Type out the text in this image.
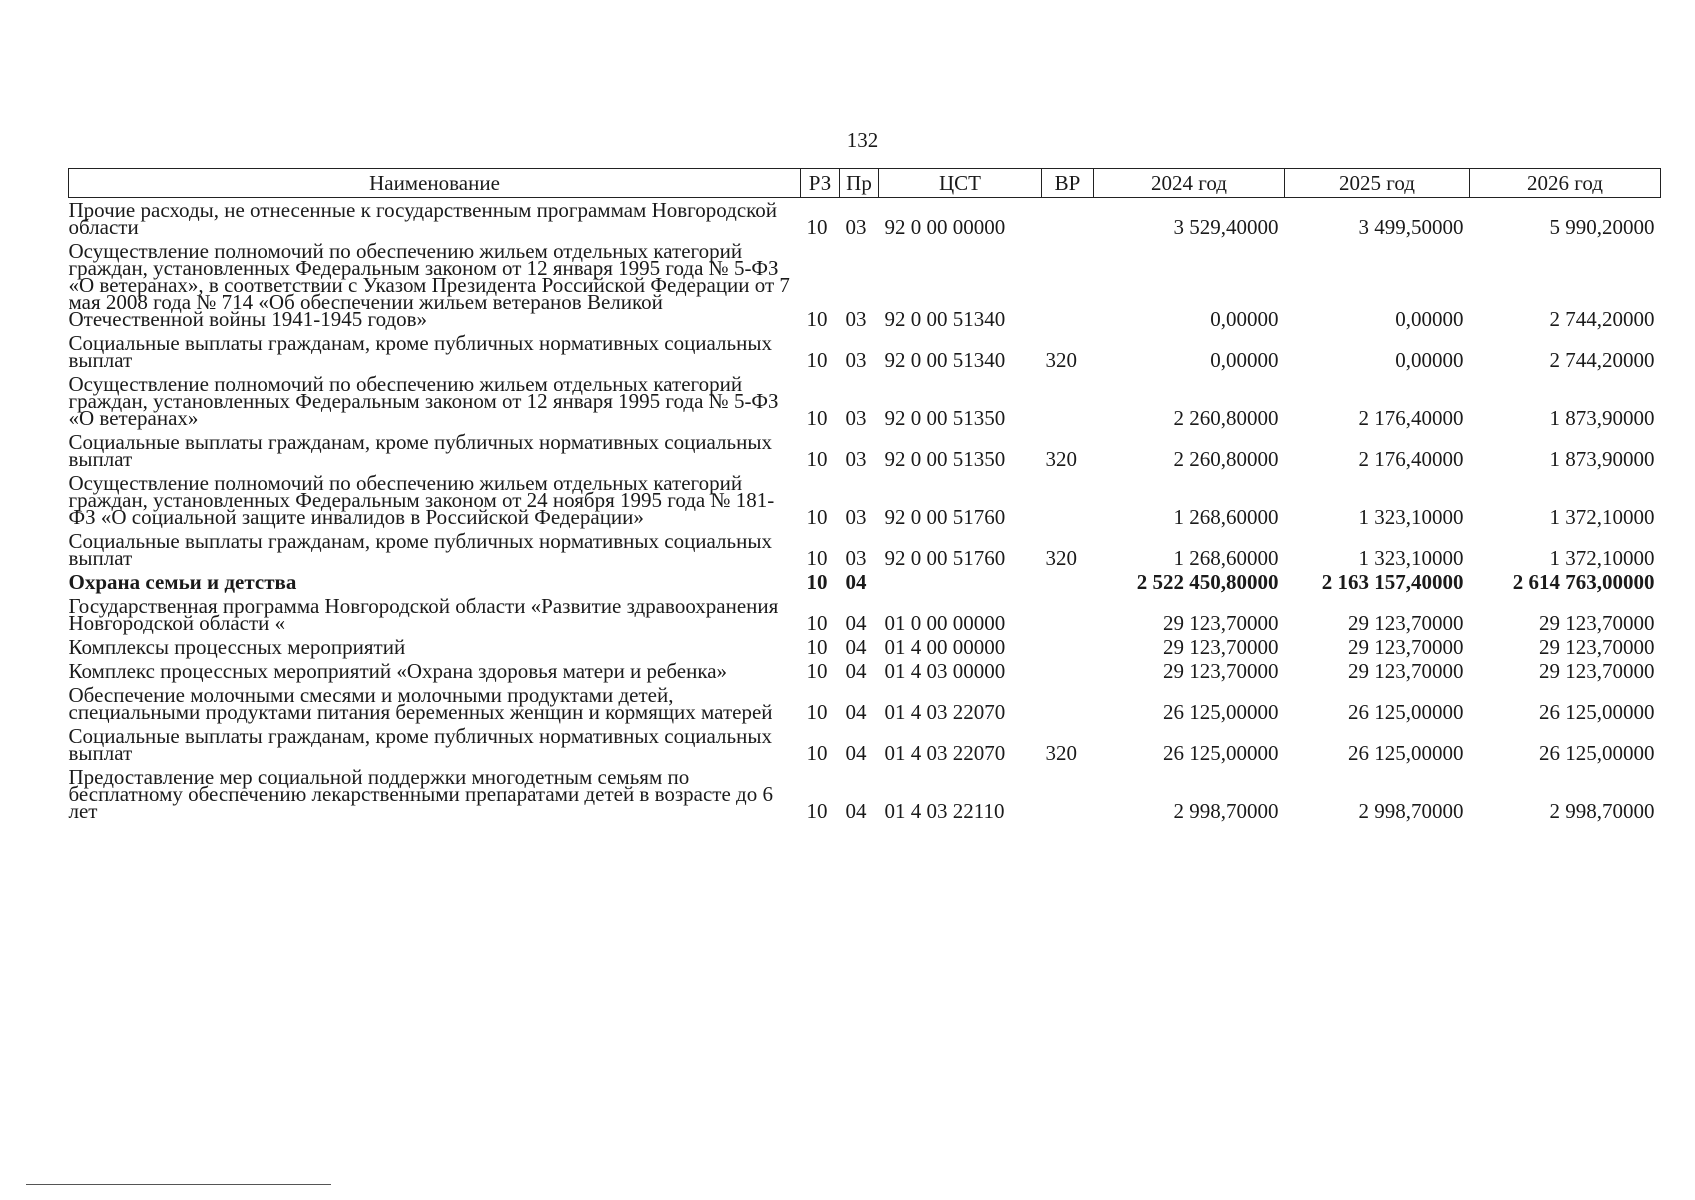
132
Наименование	РЗ	Пр	ЦСТ	ВР	2024 год	2025 год	2026 год
Прочие расходы, не отнесенные к государственным программам Новгородской области	10	03	92 0 00 00000		3 529,40000	3 499,50000	5 990,20000
Осуществление полномочий по обеспечению жильем отдельных категорий граждан, установленных Федеральным законом от 12 января 1995 года № 5-ФЗ «О ветеранах», в соответствии с Указом Президента Российской Федерации от 7 мая 2008 года № 714 «Об обеспечении жильем ветеранов Великой Отечественной войны 1941-1945 годов»	10	03	92 0 00 51340		0,00000	0,00000	2 744,20000
Социальные выплаты гражданам, кроме публичных нормативных социальных выплат	10	03	92 0 00 51340	320	0,00000	0,00000	2 744,20000
Осуществление полномочий по обеспечению жильем отдельных категорий граждан, установленных Федеральным законом от 12 января 1995 года № 5-ФЗ «О ветеранах»	10	03	92 0 00 51350		2 260,80000	2 176,40000	1 873,90000
Социальные выплаты гражданам, кроме публичных нормативных социальных выплат	10	03	92 0 00 51350	320	2 260,80000	2 176,40000	1 873,90000
Осуществление полномочий по обеспечению жильем отдельных категорий граждан, установленных Федеральным законом от 24 ноября 1995 года № 181-ФЗ «О социальной защите инвалидов в Российской Федерации»	10	03	92 0 00 51760		1 268,60000	1 323,10000	1 372,10000
Социальные выплаты гражданам, кроме публичных нормативных социальных выплат	10	03	92 0 00 51760	320	1 268,60000	1 323,10000	1 372,10000
Охрана семьи и детства	10	04			2 522 450,80000	2 163 157,40000	2 614 763,00000
Государственная программа Новгородской области «Развитие здравоохранения Новгородской области «	10	04	01 0 00 00000		29 123,70000	29 123,70000	29 123,70000
Комплексы процессных мероприятий	10	04	01 4 00 00000		29 123,70000	29 123,70000	29 123,70000
Комплекс процессных мероприятий «Охрана здоровья матери и ребенка»	10	04	01 4 03 00000		29 123,70000	29 123,70000	29 123,70000
Обеспечение молочными смесями и молочными продуктами детей, специальными продуктами питания беременных женщин и кормящих матерей	10	04	01 4 03 22070		26 125,00000	26 125,00000	26 125,00000
Социальные выплаты гражданам, кроме публичных нормативных социальных выплат	10	04	01 4 03 22070	320	26 125,00000	26 125,00000	26 125,00000
Предоставление мер социальной поддержки многодетным семьям по бесплатному обеспечению лекарственными препаратами детей в возрасте до 6 лет	10	04	01 4 03 22110		2 998,70000	2 998,70000	2 998,70000
